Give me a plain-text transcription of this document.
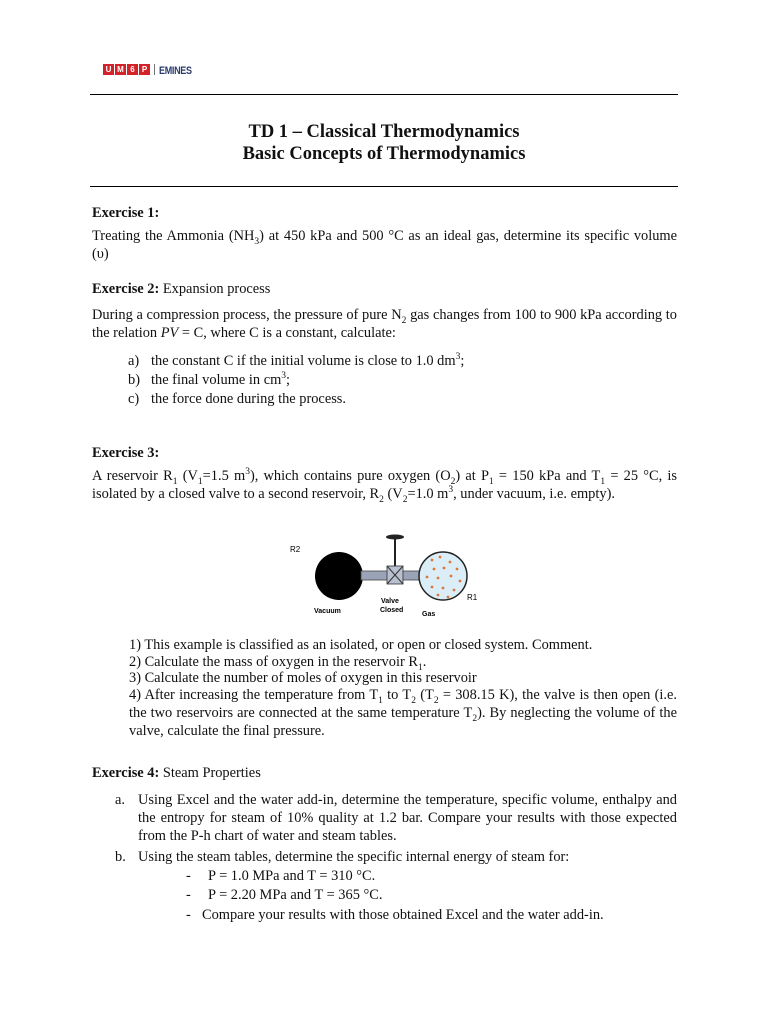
U M 6 P	EMINES
TD 1 – Classical Thermodynamics
Basic Concepts of Thermodynamics
Exercise 1:
Treating the Ammonia $(NH_3)$ at 450 kPa and 500 °C as an ideal gas, determine its specific volume (υ)
Exercise 2: Expansion process
During a compression process, the pressure of pure $N_2$ gas changes from 100 to 900 kPa according to the relation PV = C, where C is a constant, calculate:
a) the constant C if the initial volume is close to 1.0 $dm^3$;
b) the final volume in $cm^3$;
c) the force done during the process.
Exercise 3:
A reservoir $R_1$ ($V_1=1.5$ $m^3$), which contains pure oxygen $(O_2)$ at $P_1 = 150$ kPa and $T_1 = 25$ °C, is isolated by a closed valve to a second reservoir, $R_2$ ($V_2=1.0$ $m^3$, under vacuum, i.e. empty).
R2
R1
Vacuum
Valve
Closed
Gas
1) This example is classified as an isolated, or open or closed system. Comment.
2) Calculate the mass of oxygen in the reservoir $R_1$.
3) Calculate the number of moles of oxygen in this reservoir
4) After increasing the temperature from $T_1$ to $T_2$ ($T_2 = 308.15$ K), the valve is then open (i.e. the two reservoirs are connected at the same temperature $T_2$). By neglecting the volume of the valve, calculate the final pressure.
Exercise 4: Steam Properties
a. Using Excel and the water add-in, determine the temperature, specific volume, enthalpy and the entropy for steam of 10% quality at 1.2 bar. Compare your results with those expected from the P-h chart of water and steam tables.
b. Using the steam tables, determine the specific internal energy of steam for:
- P = 1.0 MPa and T = 310 °C.
- P = 2.20 MPa and T = 365 °C.
- Compare your results with those obtained Excel and the water add-in.
